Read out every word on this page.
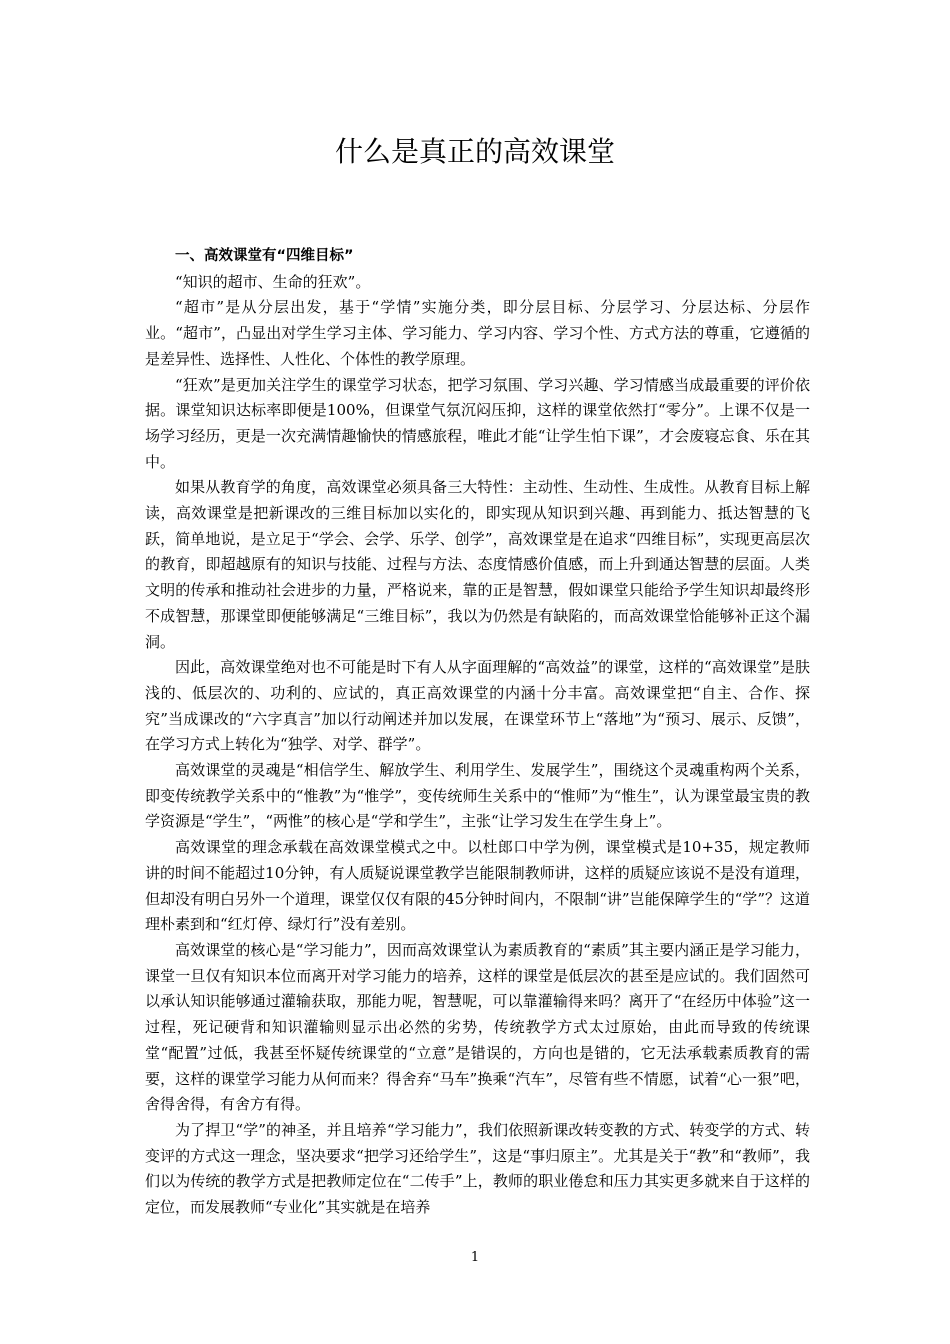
什么是真正的高效课堂

一、高效课堂有“四维目标”

“知识的超市、生命的狂欢”。

“超市”是从分层出发，基于“学情”实施分类，即分层目标、分层学习、分层达标、分层作业。“超市”，凸显出对学生学习主体、学习能力、学习内容、学习个性、方式方法的尊重，它遵循的是差异性、选择性、人性化、个体性的教学原理。

“狂欢”是更加关注学生的课堂学习状态，把学习氛围、学习兴趣、学习情感当成最重要的评价依据。课堂知识达标率即便是100%，但课堂气氛沉闷压抑，这样的课堂依然打“零分”。上课不仅是一场学习经历，更是一次充满情趣愉快的情感旅程，唯此才能“让学生怕下课”，才会废寝忘食、乐在其中。

如果从教育学的角度，高效课堂必须具备三大特性：主动性、生动性、生成性。从教育目标上解读，高效课堂是把新课改的三维目标加以实化的，即实现从知识到兴趣、再到能力、抵达智慧的飞跃，简单地说，是立足于“学会、会学、乐学、创学”，高效课堂是在追求“四维目标”，实现更高层次的教育，即超越原有的知识与技能、过程与方法、态度情感价值感，而上升到通达智慧的层面。人类文明的传承和推动社会进步的力量，严格说来，靠的正是智慧，假如课堂只能给予学生知识却最终形不成智慧，那课堂即便能够满足“三维目标”，我以为仍然是有缺陷的，而高效课堂恰能够补正这个漏洞。

因此，高效课堂绝对也不可能是时下有人从字面理解的“高效益”的课堂，这样的“高效课堂”是肤浅的、低层次的、功利的、应试的，真正高效课堂的内涵十分丰富。高效课堂把“自主、合作、探究”当成课改的“六字真言”加以行动阐述并加以发展，在课堂环节上“落地”为“预习、展示、反馈”，在学习方式上转化为“独学、对学、群学”。

高效课堂的灵魂是“相信学生、解放学生、利用学生、发展学生”，围绕这个灵魂重构两个关系，即变传统教学关系中的“惟教”为“惟学”，变传统师生关系中的“惟师”为“惟生”，认为课堂最宝贵的教学资源是“学生”，“两惟”的核心是“学和学生”，主张“让学习发生在学生身上”。

高效课堂的理念承载在高效课堂模式之中。以杜郎口中学为例，课堂模式是10+35，规定教师讲的时间不能超过10分钟，有人质疑说课堂教学岂能限制教师讲，这样的质疑应该说不是没有道理，但却没有明白另外一个道理，课堂仅仅有限的45分钟时间内，不限制“讲”岂能保障学生的“学”？这道理朴素到和“红灯停、绿灯行”没有差别。

高效课堂的核心是“学习能力”，因而高效课堂认为素质教育的“素质”其主要内涵正是学习能力，课堂一旦仅有知识本位而离开对学习能力的培养，这样的课堂是低层次的甚至是应试的。我们固然可以承认知识能够通过灌输获取，那能力呢，智慧呢，可以靠灌输得来吗？离开了“在经历中体验”这一过程，死记硬背和知识灌输则显示出必然的劣势，传统教学方式太过原始，由此而导致的传统课堂“配置”过低，我甚至怀疑传统课堂的“立意”是错误的，方向也是错的，它无法承载素质教育的需要，这样的课堂学习能力从何而来？得舍弃“马车”换乘“汽车”，尽管有些不情愿，试着“心一狠”吧，舍得舍得，有舍方有得。

为了捍卫“学”的神圣，并且培养“学习能力”，我们依照新课改转变教的方式、转变学的方式、转变评的方式这一理念，坚决要求“把学习还给学生”，这是“事归原主”。尤其是关于“教”和“教师”，我们以为传统的教学方式是把教师定位在“二传手”上，教师的职业倦怠和压力其实更多就来自于这样的定位，而发展教师“专业化”其实就是在培养

1
